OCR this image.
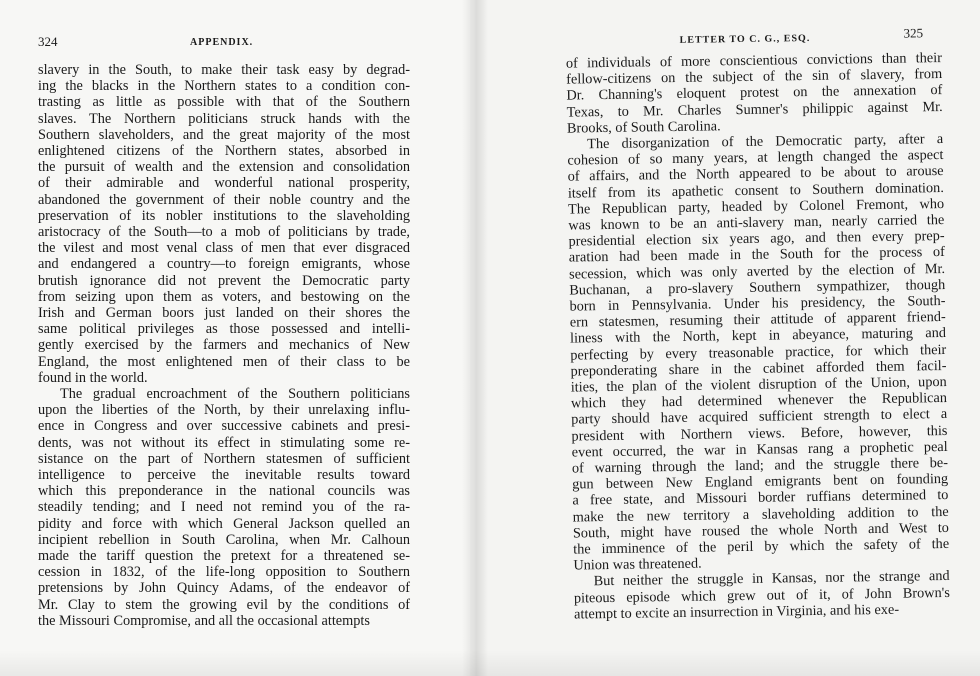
324	APPENDIX.
slavery in the South, to make their task easy by degrad-
ing the blacks in the Northern states to a condition con-
trasting as little as possible with that of the Southern
slaves. The Northern politicians struck hands with the
Southern slaveholders, and the great majority of the most
enlightened citizens of the Northern states, absorbed in
the pursuit of wealth and the extension and consolidation
of their admirable and wonderful national prosperity,
abandoned the government of their noble country and the
preservation of its nobler institutions to the slaveholding
aristocracy of the South—to a mob of politicians by trade,
the vilest and most venal class of men that ever disgraced
and endangered a country—to foreign emigrants, whose
brutish ignorance did not prevent the Democratic party
from seizing upon them as voters, and bestowing on the
Irish and German boors just landed on their shores the
same political privileges as those possessed and intelli-
gently exercised by the farmers and mechanics of New
England, the most enlightened men of their class to be
found in the world.
The gradual encroachment of the Southern politicians
upon the liberties of the North, by their unrelaxing influ-
ence in Congress and over successive cabinets and presi-
dents, was not without its effect in stimulating some re-
sistance on the part of Northern statesmen of sufficient
intelligence to perceive the inevitable results toward
which this preponderance in the national councils was
steadily tending; and I need not remind you of the ra-
pidity and force with which General Jackson quelled an
incipient rebellion in South Carolina, when Mr. Calhoun
made the tariff question the pretext for a threatened se-
cession in 1832, of the life-long opposition to Southern
pretensions by John Quincy Adams, of the endeavor of
Mr. Clay to stem the growing evil by the conditions of
the Missouri Compromise, and all the occasional attempts
LETTER TO C. G., ESQ.	325
of individuals of more conscientious convictions than their
fellow-citizens on the subject of the sin of slavery, from
Dr. Channing's eloquent protest on the annexation of
Texas, to Mr. Charles Sumner's philippic against Mr.
Brooks, of South Carolina.
The disorganization of the Democratic party, after a
cohesion of so many years, at length changed the aspect
of affairs, and the North appeared to be about to arouse
itself from its apathetic consent to Southern domination.
The Republican party, headed by Colonel Fremont, who
was known to be an anti-slavery man, nearly carried the
presidential election six years ago, and then every prep-
aration had been made in the South for the process of
secession, which was only averted by the election of Mr.
Buchanan, a pro-slavery Southern sympathizer, though
born in Pennsylvania. Under his presidency, the South-
ern statesmen, resuming their attitude of apparent friend-
liness with the North, kept in abeyance, maturing and
perfecting by every treasonable practice, for which their
preponderating share in the cabinet afforded them facil-
ities, the plan of the violent disruption of the Union, upon
which they had determined whenever the Republican
party should have acquired sufficient strength to elect a
president with Northern views. Before, however, this
event occurred, the war in Kansas rang a prophetic peal
of warning through the land; and the struggle there be-
gun between New England emigrants bent on founding
a free state, and Missouri border ruffians determined to
make the new territory a slaveholding addition to the
South, might have roused the whole North and West to
the imminence of the peril by which the safety of the
Union was threatened.
But neither the struggle in Kansas, nor the strange and
piteous episode which grew out of it, of John Brown's
attempt to excite an insurrection in Virginia, and his exe-
